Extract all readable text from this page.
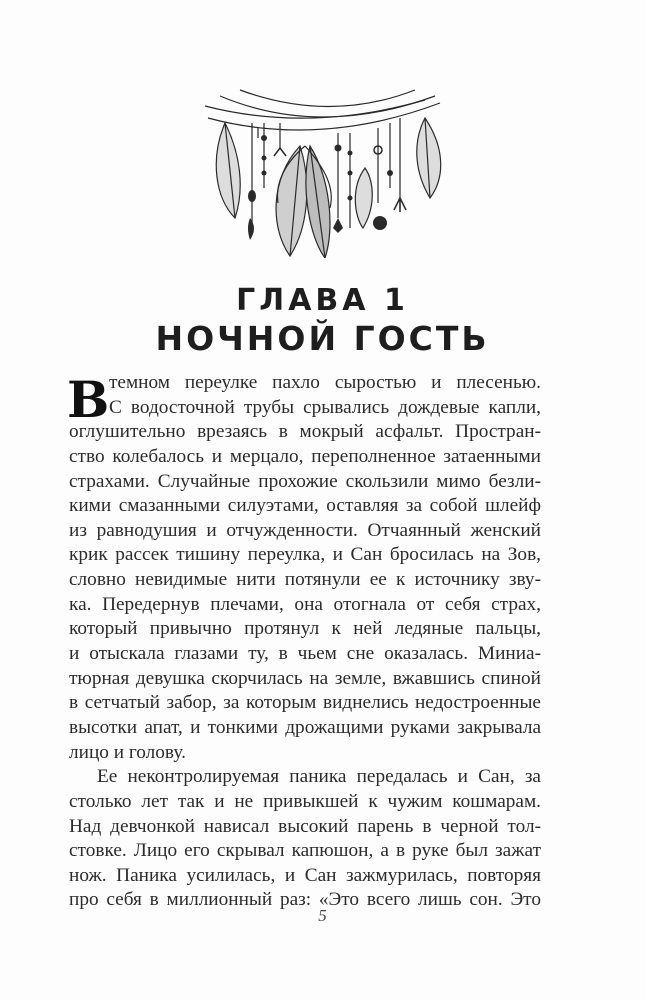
ГЛАВА 1
НОЧНОЙ ГОСТЬ
В темном переулке пахло сыростью и плесенью.
С водосточной трубы срывались дождевые капли,
оглушительно врезаясь в мокрый асфальт. Простран-
ство колебалось и мерцало, переполненное затаенными
страхами. Случайные прохожие скользили мимо безли-
кими смазанными силуэтами, оставляя за собой шлейф
из равнодушия и отчужденности. Отчаянный женский
крик рассек тишину переулка, и Сан бросилась на Зов,
словно невидимые нити потянули ее к источнику зву-
ка. Передернув плечами, она отогнала от себя страх,
который привычно протянул к ней ледяные пальцы,
и отыскала глазами ту, в чьем сне оказалась. Миниа-
тюрная девушка скорчилась на земле, вжавшись спиной
в сетчатый забор, за которым виднелись недостроенные
высотки апат, и тонкими дрожащими руками закрывала
лицо и голову.
Ее неконтролируемая паника передалась и Сан, за
столько лет так и не привыкшей к чужим кошмарам.
Над девчонкой нависал высокий парень в черной тол-
стовке. Лицо его скрывал капюшон, а в руке был зажат
нож. Паника усилилась, и Сан зажмурилась, повторяя
про себя в миллионный раз: «Это всего лишь сон. Это
5
